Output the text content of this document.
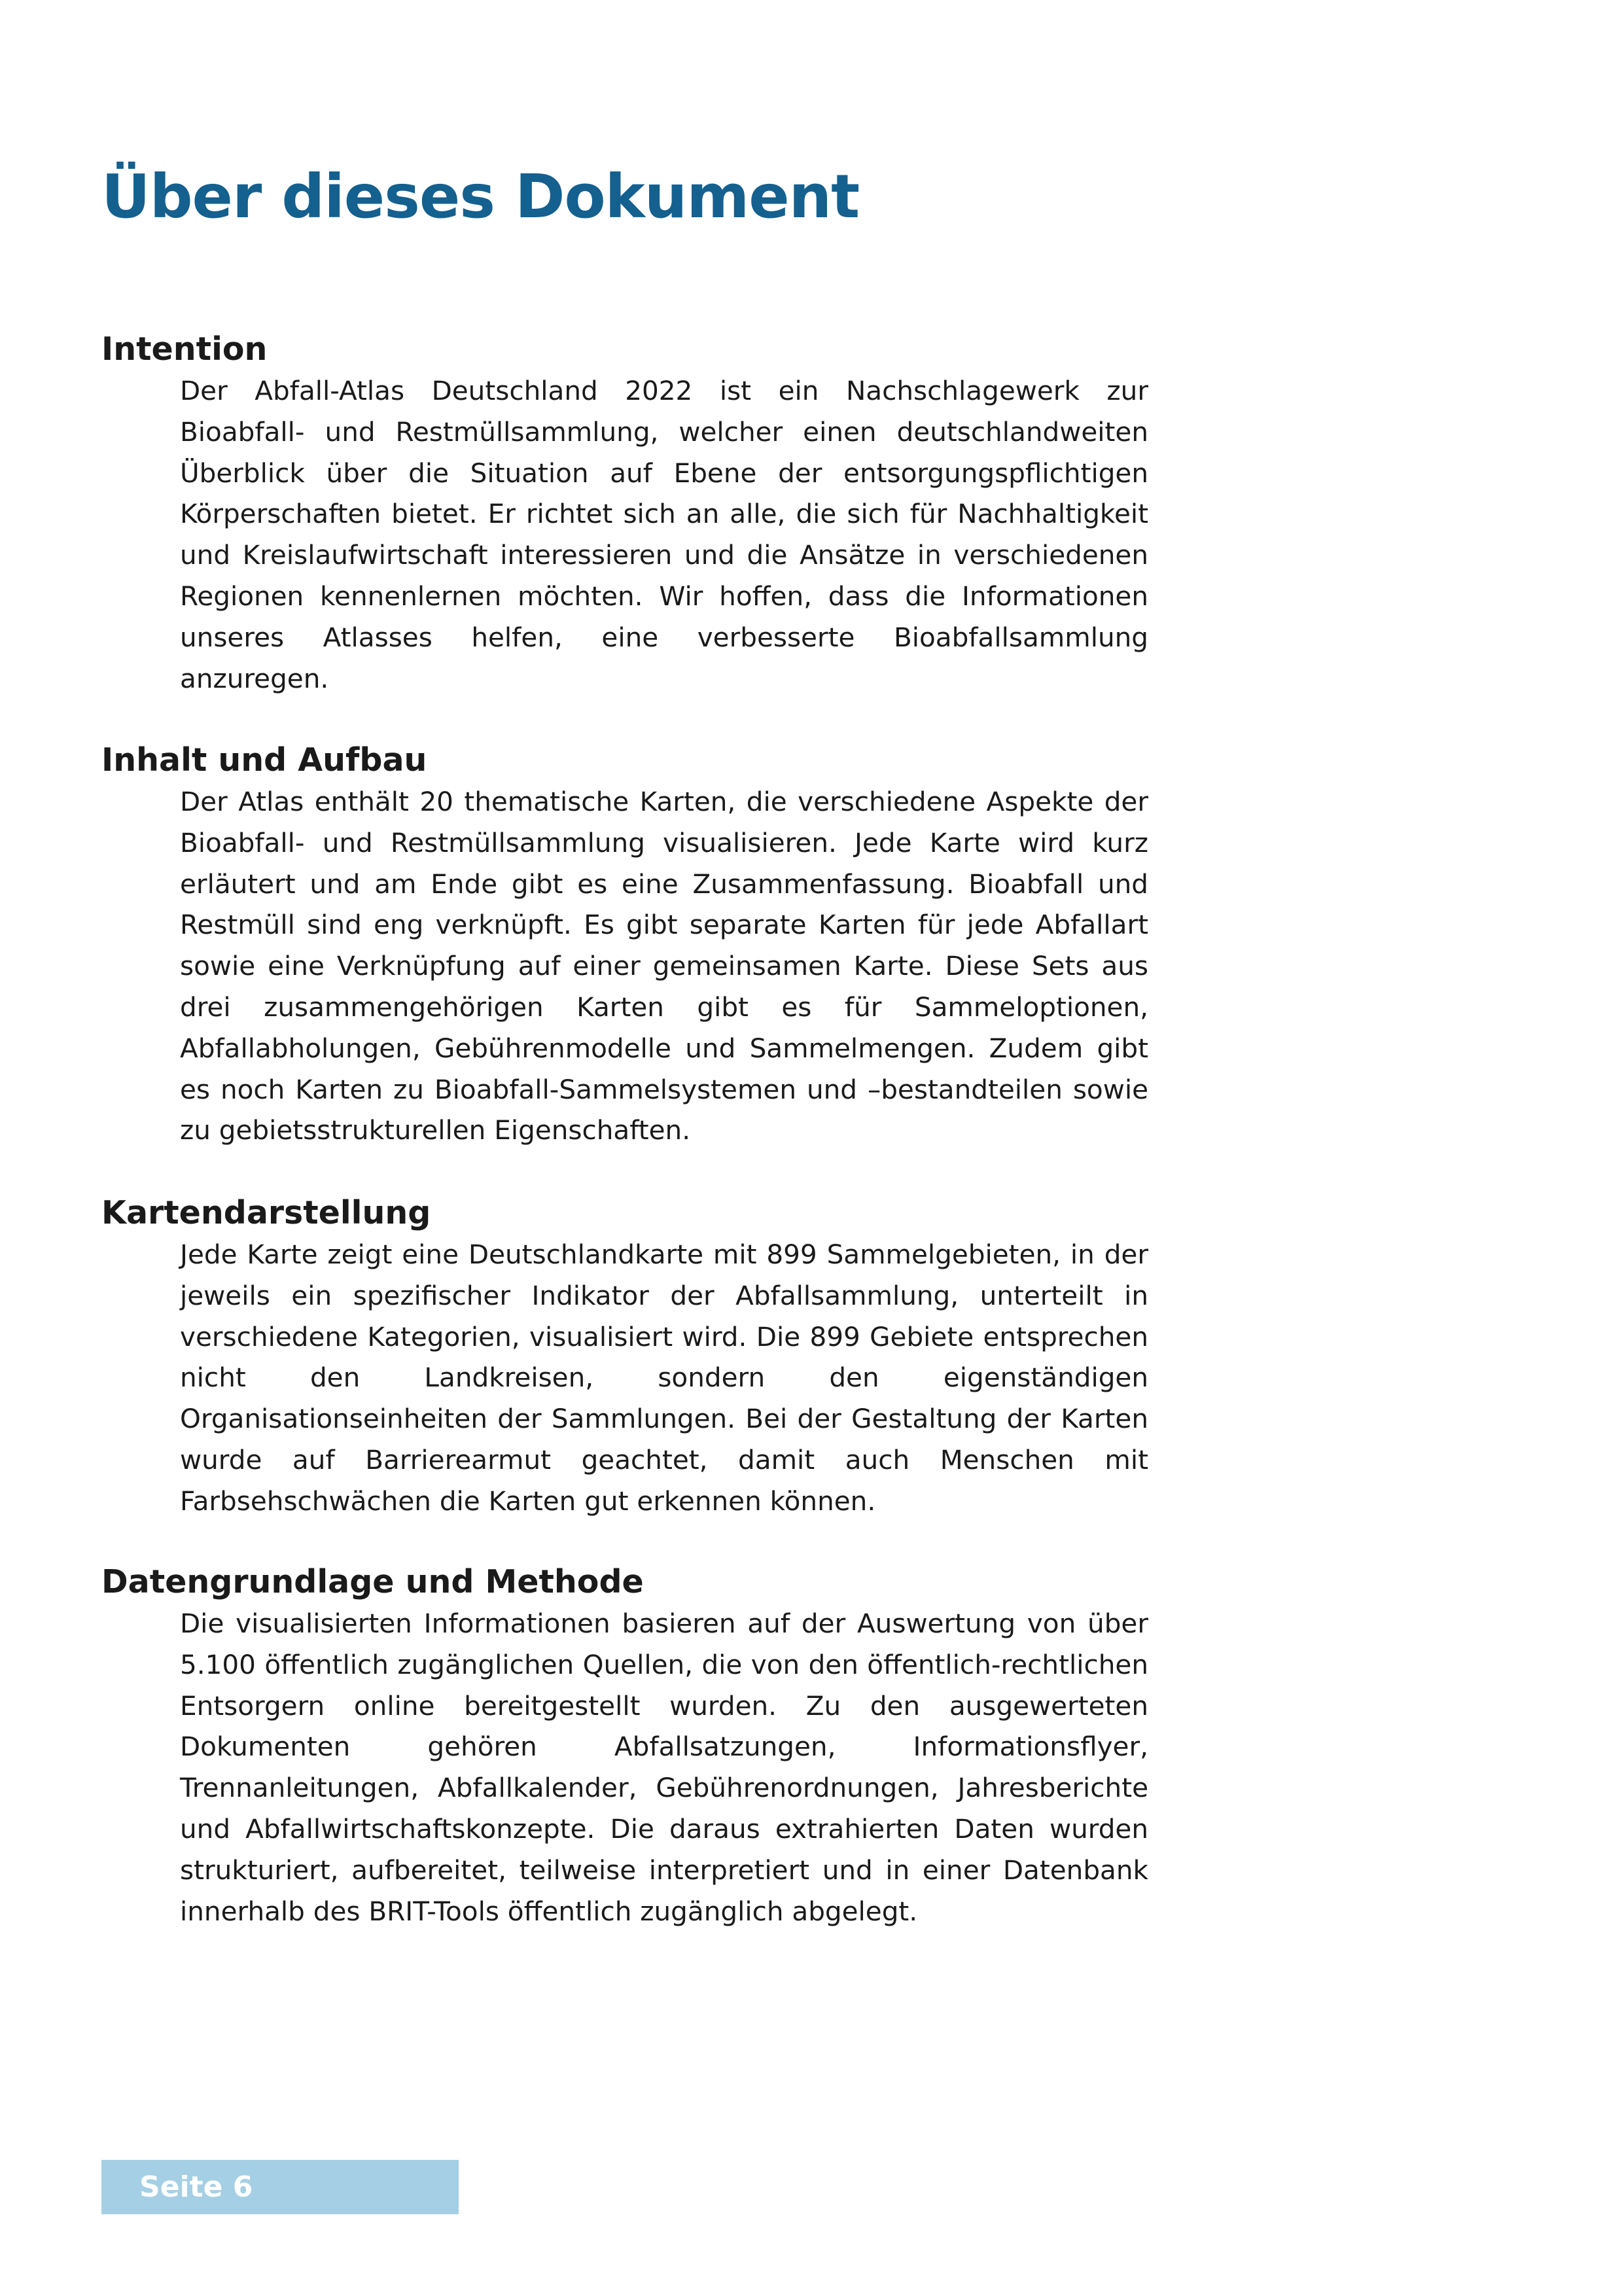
Über dieses Dokument
Intention

Der Abfall-Atlas Deutschland 2022 ist ein Nachschlagewerk zur Bioabfall- und Restmüllsammlung, welcher einen deutschlandweiten Überblick über die Situation auf Ebene der entsorgungspflichtigen Körperschaften bietet. Er richtet sich an alle, die sich für Nachhaltigkeit und Kreislaufwirtschaft interessieren und die Ansätze in verschiedenen Regionen kennenlernen möchten. Wir hoffen, dass die Informationen unseres Atlasses helfen, eine verbesserte Bioabfallsammlung anzuregen.

Inhalt und Aufbau

Der Atlas enthält 20 thematische Karten, die verschiedene Aspekte der Bioabfall- und Restmüllsammlung visualisieren. Jede Karte wird kurz erläutert und am Ende gibt es eine Zusammenfassung. Bioabfall und Restmüll sind eng verknüpft. Es gibt separate Karten für jede Abfallart sowie eine Verknüpfung auf einer gemeinsamen Karte. Diese Sets aus drei zusammengehörigen Karten gibt es für Sammeloptionen, Abfallabholungen, Gebührenmodelle und Sammelmengen. Zudem gibt es noch Karten zu Bioabfall-Sammelsystemen und –bestandteilen sowie zu gebietsstrukturellen Eigenschaften.

Kartendarstellung

Jede Karte zeigt eine Deutschlandkarte mit 899 Sammelgebieten, in der jeweils ein spezifischer Indikator der Abfallsammlung, unterteilt in verschiedene Kategorien, visualisiert wird. Die 899 Gebiete entsprechen nicht den Landkreisen, sondern den eigenständigen Organisationseinheiten der Sammlungen. Bei der Gestaltung der Karten wurde auf Barrierearmut geachtet, damit auch Menschen mit Farbsehschwächen die Karten gut erkennen können.

Datengrundlage und Methode

Die visualisierten Informationen basieren auf der Auswertung von über 5.100 öffentlich zugänglichen Quellen, die von den öffentlich-rechtlichen Entsorgern online bereitgestellt wurden. Zu den ausgewerteten Dokumenten gehören Abfallsatzungen, Informationsflyer, Trennanleitungen, Abfallkalender, Gebührenordnungen, Jahresberichte und Abfallwirtschaftskonzepte. Die daraus extrahierten Daten wurden strukturiert, aufbereitet, teilweise interpretiert und in einer Datenbank innerhalb des BRIT-Tools öffentlich zugänglich abgelegt.

Seite 6
